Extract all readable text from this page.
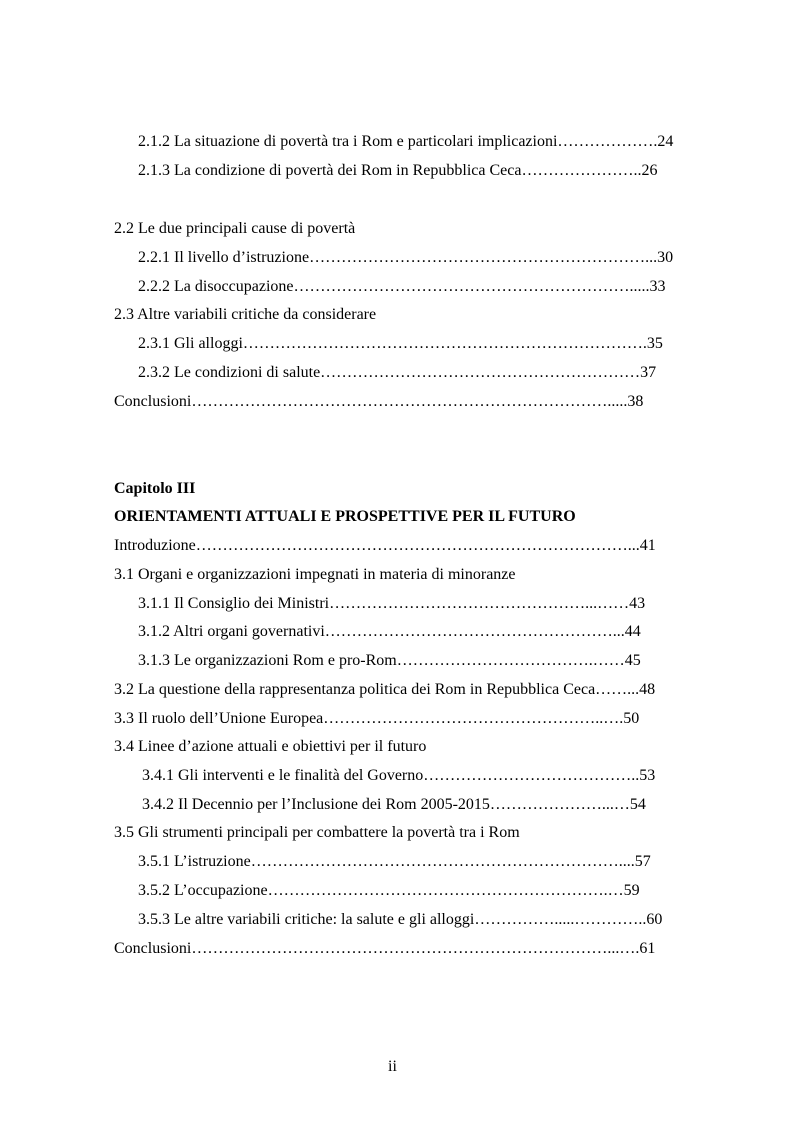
2.1.2 La situazione di povertà tra i Rom e particolari implicazioni……………….24
2.1.3 La condizione di povertà dei Rom in Repubblica Ceca…………………..26
2.2 Le due principali cause di povertà
2.2.1 Il livello d’istruzione………………………………………………………...30
2.2.2 La disoccupazione……………………………………………………….....33
2.3 Altre variabili critiche da considerare
2.3.1 Gli alloggi………………………………………………………………….35
2.3.2 Le condizioni di salute……………………………………………………37
Conclusioni…………………………………………………………………….....38
Capitolo III
ORIENTAMENTI ATTUALI E PROSPETTIVE PER IL FUTURO
Introduzione………………………………………………………………………...41
3.1 Organi e organizzazioni impegnati in materia di minoranze
3.1.1 Il Consiglio dei Ministri…………………………………………...……43
3.1.2 Altri organi governativi………………………………………………...44
3.1.3 Le organizzazioni Rom e pro-Rom……………………………….……45
3.2 La questione della rappresentanza politica dei Rom in Repubblica Ceca……...48
3.3 Il ruolo dell’Unione Europea……………………………………………..….50
3.4 Linee d’azione attuali e obiettivi per il futuro
3.4.1 Gli interventi e le finalità del Governo…………………………………..53
3.4.2 Il Decennio per l’Inclusione dei Rom 2005-2015…………………...…54
3.5 Gli strumenti principali per combattere la povertà tra i Rom
3.5.1 L’istruzione……………………………………………………………....57
3.5.2 L’occupazione……………………………………………………….…59
3.5.3 Le altre variabili critiche: la salute e gli alloggi…………….....…………..60
Conclusioni……………………………………………………………………...….61
ii
